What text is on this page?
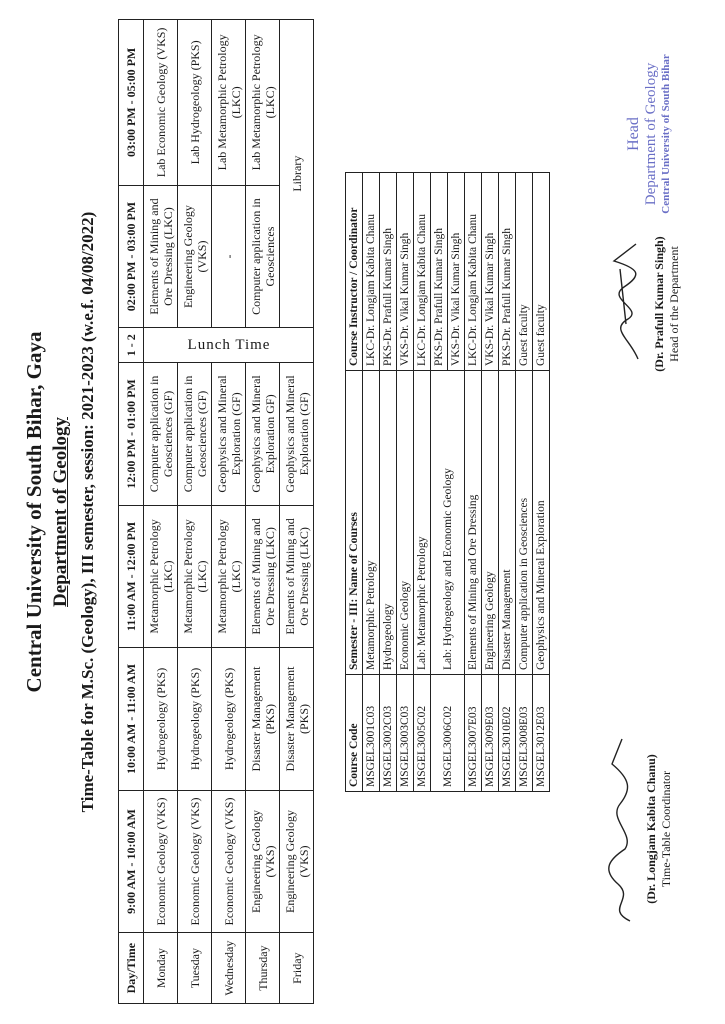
Central University of South Bihar, Gaya Department of Geology Time-Table for M.Sc. (Geology), III semester, session: 2021-2023 (w.e.f. 04/08/2022)
Day/Time	9:00 AM - 10:00 AM	10:00 AM - 11:00 AM	11:00 AM - 12:00 PM	12:00 PM - 01:00 PM	1 - 2	02:00 PM - 03:00 PM	03:00 PM - 05:00 PM
Monday	Economic Geology (VKS)	Hydrogeology (PKS)	Metamorphic Petrology (LKC)	Computer application in Geosciences (GF)	Lunch Time	Elements of Mining and Ore Dressing (LKC)	Lab Economic Geology (VKS)
Tuesday	Economic Geology (VKS)	Hydrogeology (PKS)	Metamorphic Petrology (LKC)	Computer application in Geosciences (GF)		Engineering Geology (VKS)	Lab Hydrogeology (PKS)
Wednesday	Economic Geology (VKS)	Hydrogeology (PKS)	Metamorphic Petrology (LKC)	Geophysics and Mineral Exploration (GF)		-	Lab Metamorphic Petrology (LKC)
Thursday	Engineering Geology (VKS)	Disaster Management (PKS)	Elements of Mining and Ore Dressing (LKC)	Geophysics and Mineral Exploration GF)		Computer application in Geosciences	Lab Metamorphic Petrology (LKC)
Friday	Engineering Geology (VKS)	Disaster Management (PKS)	Elements of Mining and Ore Dressing (LKC)	Geophysics and Mineral Exploration (GF)		Library	
Course Code	Semester - III: Name of Courses	Course Instructor / Coordinator
MSGEL3001C03	Metamorphic Petrology	LKC-Dr. Longjam Kabita Chanu
MSGEL3002C03	Hydrogeology	PKS-Dr. Prafull Kumar Singh
MSGEL3003C03	Economic Geology	VKS-Dr. Vikal Kumar Singh
MSGEL3005C02	Lab: Metamorphic Petrology	LKC-Dr. Longjam Kabita Chanu
MSGEL3006C02	Lab: Hydrogeology and Economic Geology	PKS-Dr. Prafull Kumar Singh
		VKS-Dr. Vikal Kumar Singh
MSGEL3007E03	Elements of Mining and Ore Dressing	LKC-Dr. Longjam Kabita Chanu
MSGEL3009E03	Engineering Geology	VKS-Dr. Vikal Kumar Singh
MSGEL3010E02	Disaster Management	PKS-Dr. Prafull Kumar Singh
MSGEL3008E03	Computer application in Geosciences	Guest faculty
MSGEL3012E03	Geophysics and Mineral Exploration	Guest faculty
(Dr. Longjam Kabita Chanu) Time-Table Coordinator
(Dr. Prafull Kumar Singh) Head of the Department
Head Department of Geology Central University of South Bihar
